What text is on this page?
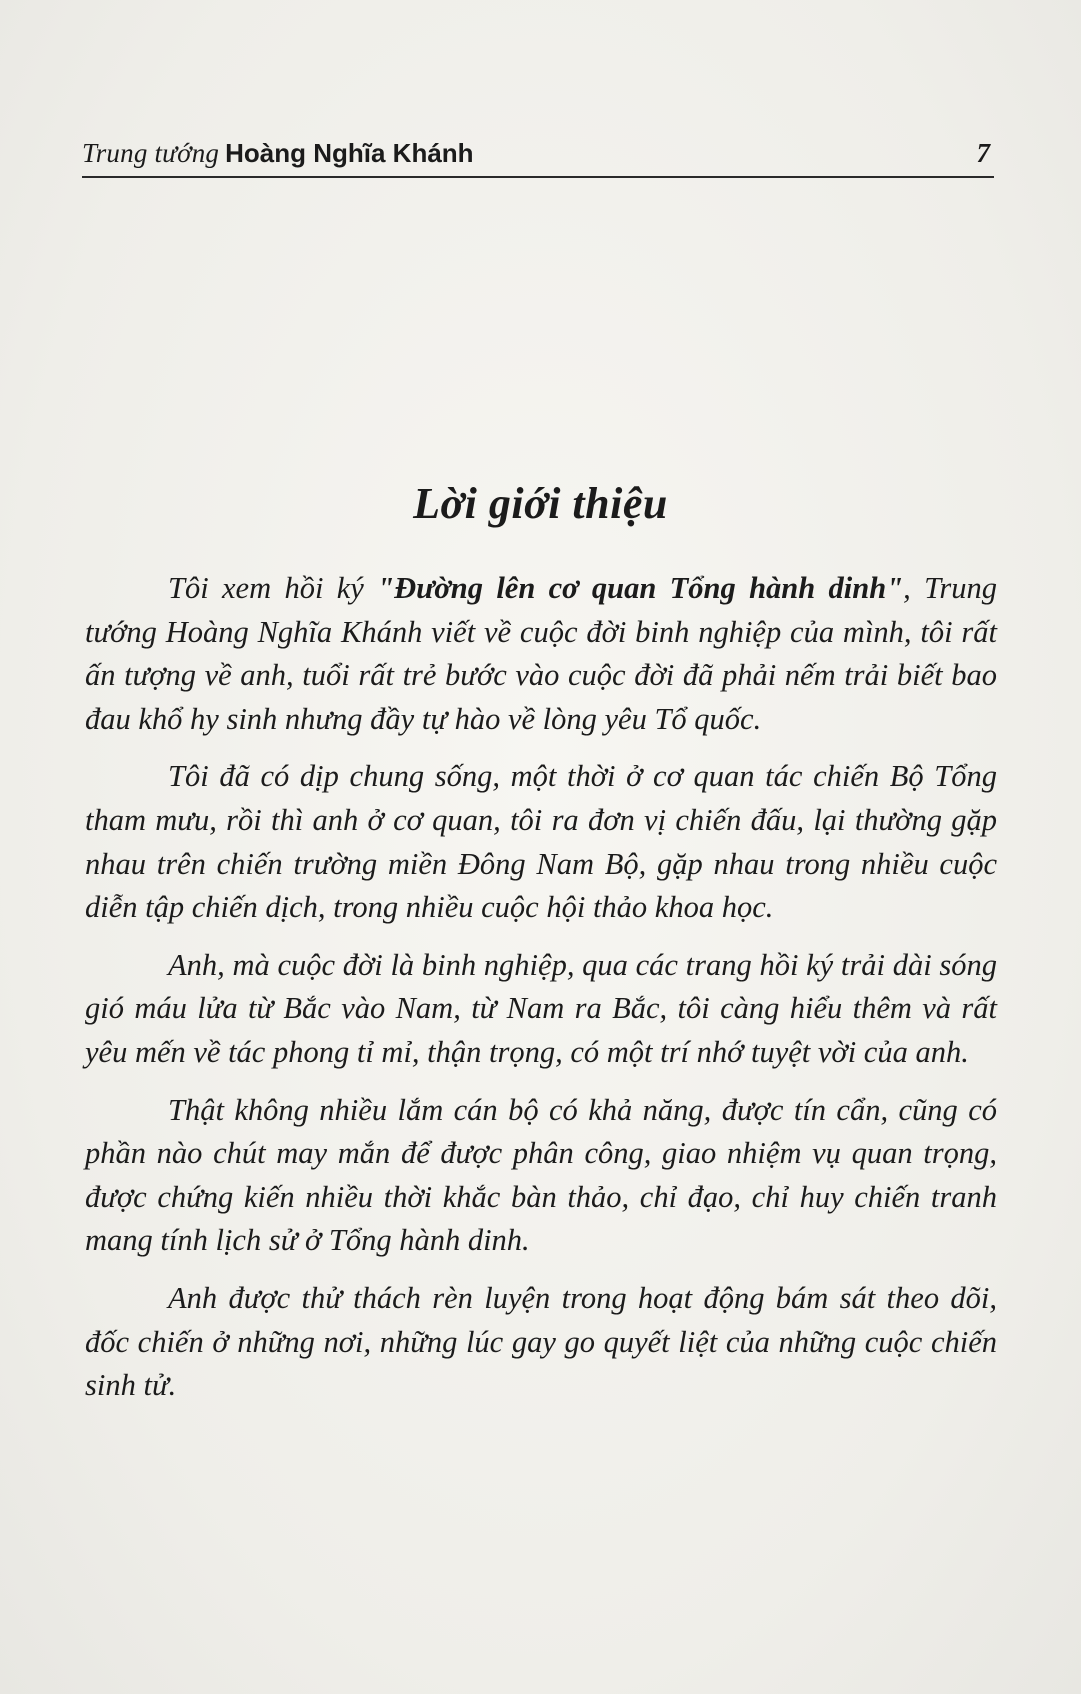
Trung tướng Hoàng Nghĩa Khánh	7
Lời giới thiệu

Tôi xem hồi ký "Đường lên cơ quan Tổng hành dinh", Trung tướng Hoàng Nghĩa Khánh viết về cuộc đời binh nghiệp của mình, tôi rất ấn tượng về anh, tuổi rất trẻ bước vào cuộc đời đã phải nếm trải biết bao đau khổ hy sinh nhưng đầy tự hào về lòng yêu Tổ quốc.

Tôi đã có dịp chung sống, một thời ở cơ quan tác chiến Bộ Tổng tham mưu, rồi thì anh ở cơ quan, tôi ra đơn vị chiến đấu, lại thường gặp nhau trên chiến trường miền Đông Nam Bộ, gặp nhau trong nhiều cuộc diễn tập chiến dịch, trong nhiều cuộc hội thảo khoa học.

Anh, mà cuộc đời là binh nghiệp, qua các trang hồi ký trải dài sóng gió máu lửa từ Bắc vào Nam, từ Nam ra Bắc, tôi càng hiểu thêm và rất yêu mến về tác phong tỉ mỉ, thận trọng, có một trí nhớ tuyệt vời của anh.

Thật không nhiều lắm cán bộ có khả năng, được tín cẩn, cũng có phần nào chút may mắn để được phân công, giao nhiệm vụ quan trọng, được chứng kiến nhiều thời khắc bàn thảo, chỉ đạo, chỉ huy chiến tranh mang tính lịch sử ở Tổng hành dinh.

Anh được thử thách rèn luyện trong hoạt động bám sát theo dõi, đốc chiến ở những nơi, những lúc gay go quyết liệt của những cuộc chiến sinh tử.
